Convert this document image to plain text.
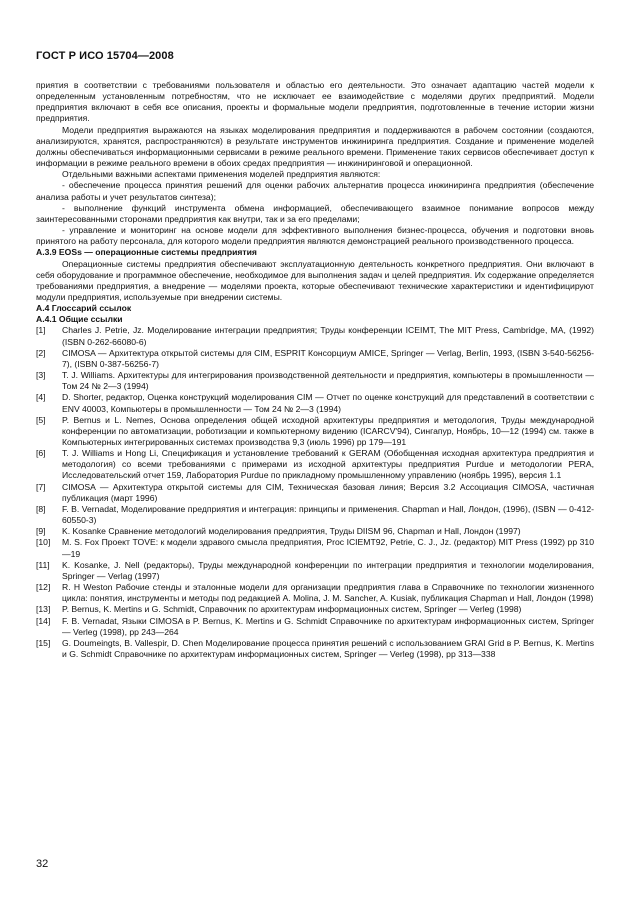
ГОСТ Р ИСО 15704—2008

приятия в соответствии с требованиями пользователя и областью его деятельности. Это означает адаптацию частей модели к определенным установленным потребностям, что не исключает ее взаимодействие с моделями других предприятий. Модели предприятия включают в себя все описания, проекты и формальные модели предприятия, подготовленные в течение истории жизни предприятия.

Модели предприятия выражаются на языках моделирования предприятия и поддерживаются в рабочем состоянии (создаются, анализируются, хранятся, распространяются) в результате инструментов инжиниринга предприятия. Создание и применение моделей должны обеспечиваться информационными сервисами в режиме реального времени. Применение таких сервисов обеспечивает доступ к информации в режиме реального времени в обоих средах предприятия — инжиниринговой и операционной.

Отдельными важными аспектами применения моделей предприятия являются:

- обеспечение процесса принятия решений для оценки рабочих альтернатив процесса инжиниринга предприятия (обеспечение анализа работы и учет результатов синтеза);

- выполнение функций инструмента обмена информацией, обеспечивающего взаимное понимание вопросов между заинтересованными сторонами предприятия как внутри, так и за его пределами;

- управление и мониторинг на основе модели для эффективного выполнения бизнес-процесса, обучения и подготовки вновь принятого на работу персонала, для которого модели предприятия являются демонстрацией реального производственного процесса.

А.3.9 EOSs — операционные системы предприятия

Операционные системы предприятия обеспечивают эксплуатационную деятельность конкретного предприятия. Они включают в себя оборудование и программное обеспечение, необходимое для выполнения задач и целей предприятия. Их содержание определяется требованиями предприятия, а внедрение — моделями проекта, которые обеспечивают технические характеристики и идентифицируют модули предприятия, используемые при внедрении системы.

А.4 Глоссарий ссылок

А.4.1 Общие ссылки

[1]	Charles J. Petrie, Jz. Моделирование интеграции предприятия; Труды конференции ICEIMT, The MIT Press, Cambridge, MA, (1992) (ISBN 0-262-66080-6)
[2]	CIMOSA — Архитектура открытой системы для CIM, ESPRIT Консорциум AMICE, Springer — Verlag, Berlin, 1993, (ISBN 3-540-56256-7), (ISBN 0-387-56256-7)
[3]	T. J. Williams. Архитектуры для интегрирования производственной деятельности и предприятия, компьютеры в промышленности — Том 24 № 2—3 (1994)
[4]	D. Shorter, редактор, Оценка конструкций моделирования CIM — Отчет по оценке конструкций для представлений в соответствии с ENV 40003, Компьютеры в промышленности — Том 24 № 2—3 (1994)
[5]	P. Bernus и L. Nemes, Основа определения общей исходной архитектуры предприятия и методология, Труды международной конференции по автоматизации, роботизации и компьютерному видению (ICARCV'94), Сингапур, Ноябрь, 10—12 (1994) см. также в Компьютерных интегрированных системах производства 9,3 (июль 1996) pp 179—191
[6]	T. J. Williams и Hong Li, Спецификация и установление требований к GERAM (Обобщенная исходная архитектура предприятия и методология) со всеми требованиями с примерами из исходной архитектуры предприятия Purdue и методологии PERA, Исследовательский отчет 159, Лаборатория Purdue по прикладному промышленному управлению (ноябрь 1995), версия 1.1
[7]	CIMOSA — Архитектура открытой системы для CIM, Техническая базовая линия; Версия 3.2 Ассоциация CIMOSA, частичная публикация (март 1996)
[8]	F. B. Vernadat, Моделирование предприятия и интеграция: принципы и применения. Chapman и Hall, Лондон, (1996), (ISBN — 0-412-60550-3)
[9]	K. Kosanke Сравнение методологий моделирования предприятия, Труды DIISM 96, Chapman и Hall, Лондон (1997)
[10]	M. S. Fox Проект TOVE: к модели здравого смысла предприятия, Proc ICIEMT92, Petrie, C. J., Jz. (редактор) MIT Press (1992) pp 310—19
[11]	K. Kosanke, J. Nell (редакторы), Труды международной конференции по интеграции предприятия и технологии моделирования, Springer — Verlag (1997)
[12]	R. H Weston Рабочие стенды и эталонные модели для организации предприятия глава в Справочнике по технологии жизненного цикла: понятия, инструменты и методы под редакцией A. Molina, J. M. Sancher, A. Kusiak, публикация Chapman и Hall, Лондон (1998)
[13]	P. Bernus, K. Mertins и G. Schmidt, Справочник по архитектурам информационных систем, Springer — Verleg (1998)
[14]	F. B. Vernadat, Языки CIMOSA в P. Bernus, K. Mertins и G. Schmidt Справочнике по архитектурам информационных систем, Springer — Verleg (1998), pp 243—264
[15]	G. Doumeingts, B. Vallespir, D. Chen Моделирование процесса принятия решений с использованием GRAI Grid в P. Bernus, K. Mertins и G. Schmidt Справочнике по архитектурам информационных систем, Springer — Verleg (1998), pp 313—338
32
